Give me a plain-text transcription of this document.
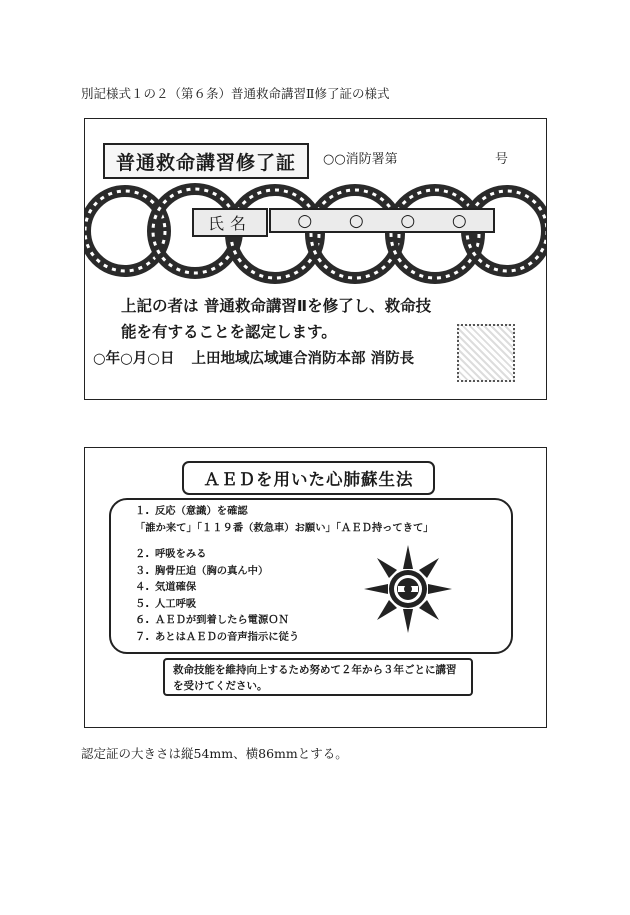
別記様式１の２（第６条）普通救命講習Ⅱ修了証の様式
普通救命講習修了証	○○消防署第	号
氏名	○ ○ ○ ○
上記の者は 普通救命講習Ⅱを修了し、救命技
能を有することを認定します。
○年○月○日 上田地域広域連合消防本部 消防長
ＡＥＤを用いた心肺蘇生法
１. 反応（意識）を確認
「誰か来て」「１１９番（救急車）お願い」「ＡＥＤ持ってきて」
２. 呼吸をみる
３. 胸骨圧迫（胸の真ん中）
４. 気道確保
５. 人工呼吸
６. ＡＥＤが到着したら電源ＯＮ
７. あとはＡＥＤの音声指示に従う
救命技能を維持向上するため努めて２年から３年ごとに講習を受けてください。
認定証の大きさは縦54mm、横86mmとする。
